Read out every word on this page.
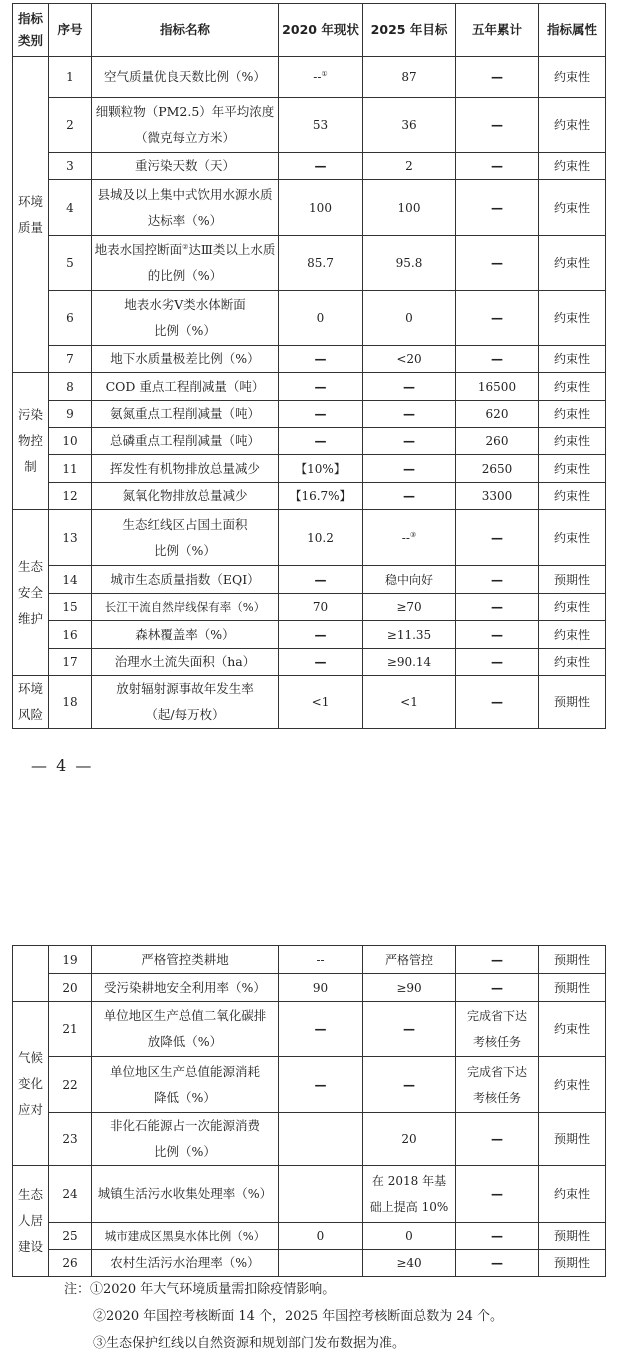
指标类别	序号	指标名称	2020 年现状	2025 年目标	五年累计	指标属性
环境质量	1	空气质量优良天数比例（%）	--①	87	—	约束性
	2	细颗粒物（PM2.5）年平均浓度（微克每立方米）	53	36	—	约束性
	3	重污染天数（天）	—	2	—	约束性
	4	县城及以上集中式饮用水源水质达标率（%）	100	100	—	约束性
	5	地表水国控断面②达Ⅲ类以上水质的比例（%）	85.7	95.8	—	约束性
	6	地表水劣Ⅴ类水体断面比例（%）	0	0	—	约束性
	7	地下水质量极差比例（%）	—	<20	—	约束性
污染物控制	8	COD 重点工程削减量（吨）	—	—	16500	约束性
	9	氨氮重点工程削减量（吨）	—	—	620	约束性
	10	总磷重点工程削减量（吨）	—	—	260	约束性
	11	挥发性有机物排放总量减少	【10%】	—	2650	约束性
	12	氮氧化物排放总量减少	【16.7%】	—	3300	约束性
生态安全维护	13	生态红线区占国土面积比例（%）	10.2	--③	—	约束性
	14	城市生态质量指数（EQI）	—	稳中向好	—	预期性
	15	长江干流自然岸线保有率（%）	70	≥70	—	约束性
	16	森林覆盖率（%）	—	≥11.35	—	约束性
	17	治理水土流失面积（ha）	—	≥90.14	—	约束性
环境风险	18	放射辐射源事故年发生率（起/每万枚）	<1	<1	—	预期性
— 4 —
	19	严格管控类耕地	--	严格管控	—	预期性
	20	受污染耕地安全利用率（%）	90	≥90	—	预期性
气候变化应对	21	单位地区生产总值二氧化碳排放降低（%）	—	—	完成省下达考核任务	约束性
	22	单位地区生产总值能源消耗降低（%）	—	—	完成省下达考核任务	约束性
	23	非化石能源占一次能源消费比例（%）		20	—	预期性
生态人居建设	24	城镇生活污水收集处理率（%）		在 2018 年基础上提高 10%	—	约束性
	25	城市建成区黑臭水体比例（%）	0	0	—	预期性
	26	农村生活污水治理率（%）		≥40	—	预期性
注：①2020 年大气环境质量需扣除疫情影响。
②2020 年国控考核断面 14 个，2025 年国控考核断面总数为 24 个。
③生态保护红线以自然资源和规划部门发布数据为准。
